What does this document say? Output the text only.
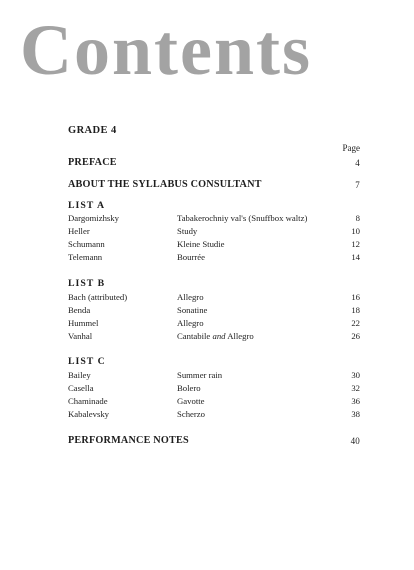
Contents
GRADE 4
Page
PREFACE	4
ABOUT THE SYLLABUS CONSULTANT	7
LIST A
Dargomizhsky	Tabakerochniy val's (Snuffbox waltz)	8
Heller	Study	10
Schumann	Kleine Studie	12
Telemann	Bourrée	14
LIST B
Bach (attributed)	Allegro	16
Benda	Sonatine	18
Hummel	Allegro	22
Vanhal	Cantabile and Allegro	26
LIST C
Bailey	Summer rain	30
Casella	Bolero	32
Chaminade	Gavotte	36
Kabalevsky	Scherzo	38
PERFORMANCE NOTES	40
